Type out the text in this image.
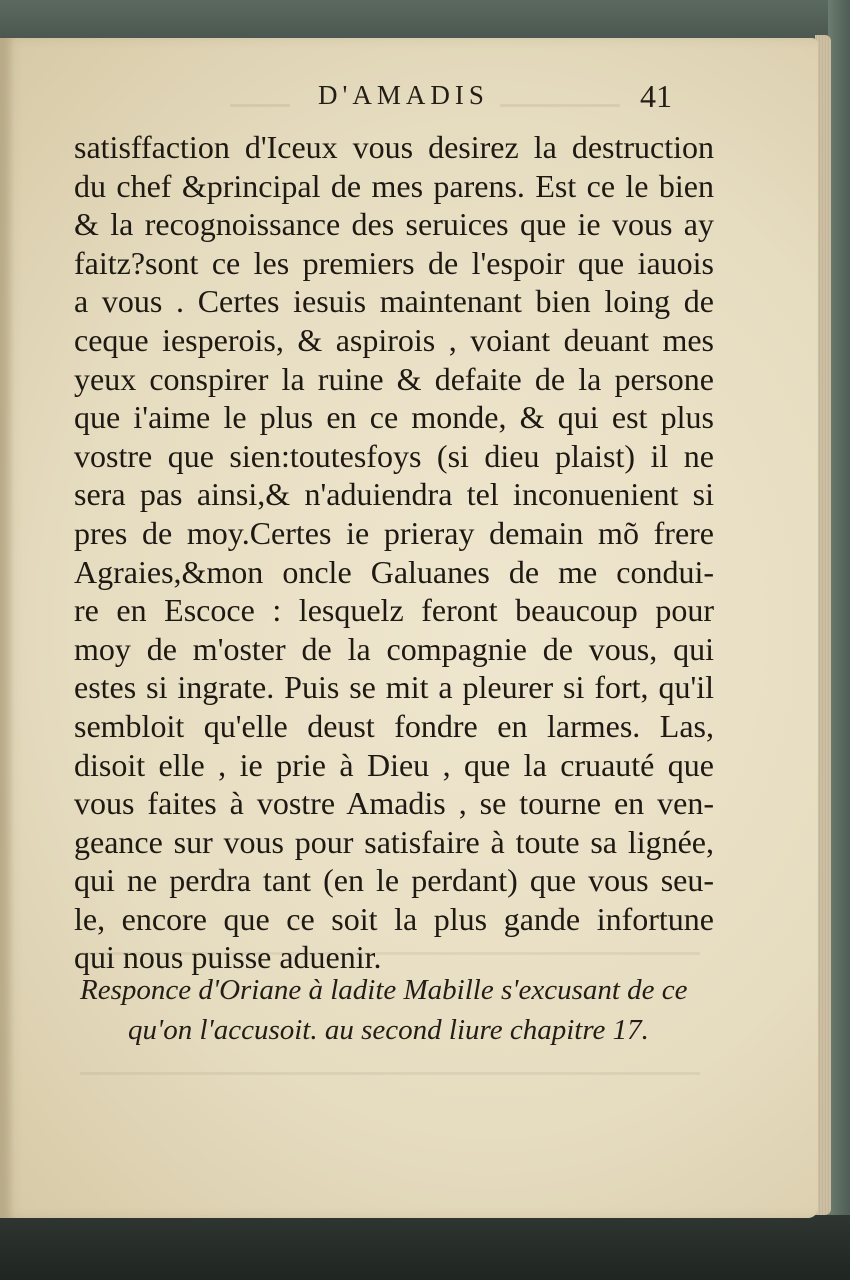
D'AMADIS	41
satisffaction d'Iceux vous desirez la destruction
du chef &principal de mes parens. Est ce le bien
& la recognoissance des seruices que ie vous ay
faitz?sont ce les premiers de l'espoir que iauois
a vous . Certes iesuis maintenant bien loing de
ceque iesperois, & aspirois , voiant deuant mes
yeux conspirer la ruine & defaite de la persone
que i'aime le plus en ce monde, & qui est plus
vostre que sien:toutesfoys (si dieu plaist) il ne
sera pas ainsi,& n'aduiendra tel inconuenient si
pres de moy.Certes ie prieray demain mõ frere
Agraies,&mon oncle Galuanes de me condui-
re en Escoce : lesquelz feront beaucoup pour
moy de m'oster de la compagnie de vous, qui
estes si ingrate. Puis se mit a pleurer si fort, qu'il
sembloit qu'elle deust fondre en larmes. Las,
disoit elle , ie prie à Dieu , que la cruauté que
vous faites à vostre Amadis , se tourne en ven-
geance sur vous pour satisfaire à toute sa lignée,
qui ne perdra tant (en le perdant) que vous seu-
le, encore que ce soit la plus gande infortune
qui nous puisse aduenir.
Responce d'Oriane à ladite Mabille s'excusant de ce
qu'on l'accusoit. au second liure chapitre 17.
